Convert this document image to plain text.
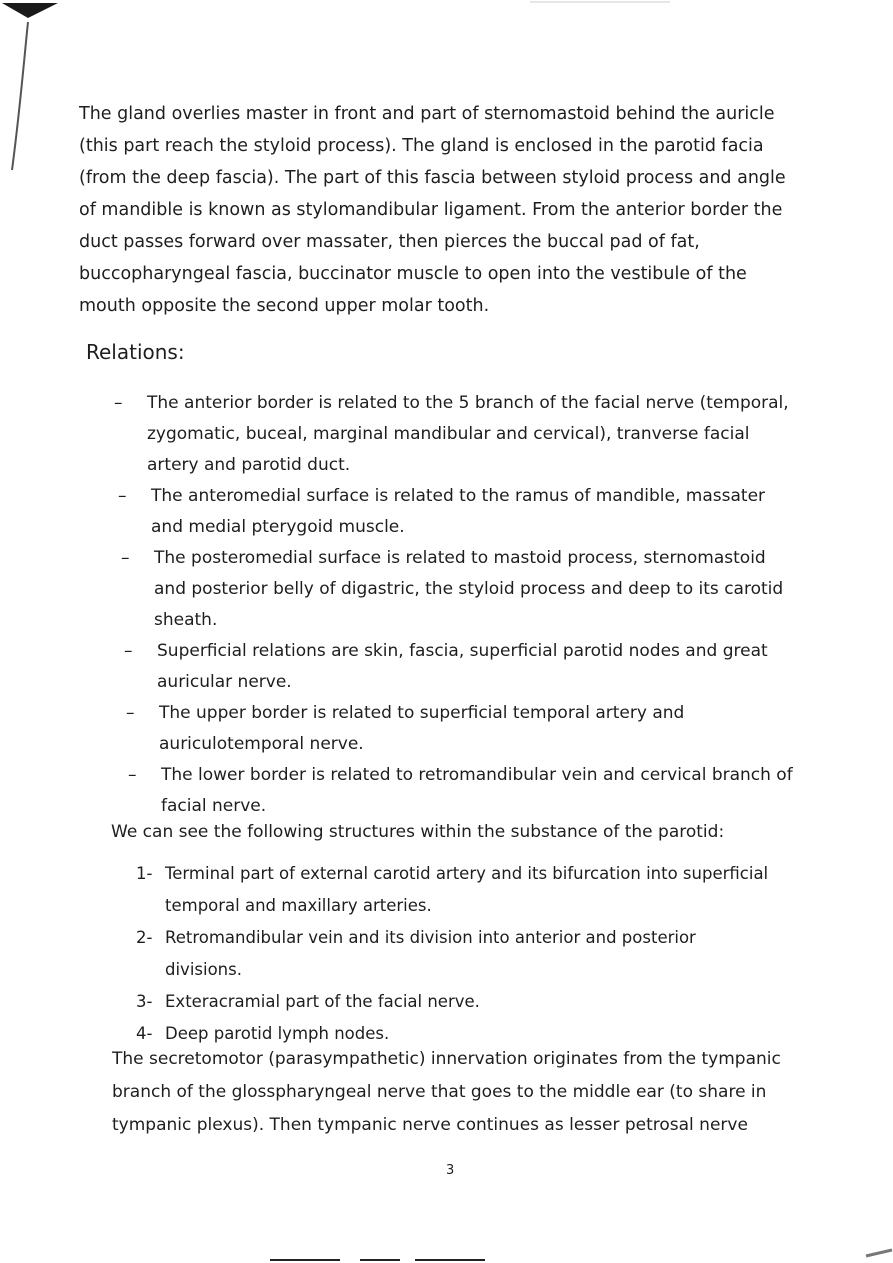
The gland overlies master in front and part of sternomastoid behind the auricle (this part reach the styloid process). The gland is enclosed in the parotid facia (from the deep fascia). The part of this fascia between styloid process and angle of mandible is known as stylomandibular ligament. From the anterior border the duct passes forward over massater, then pierces the buccal pad of fat, buccopharyngeal fascia, buccinator muscle to open into the vestibule of the mouth opposite the second upper molar tooth.

Relations:
– The anterior border is related to the 5 branch of the facial nerve (temporal, zygomatic, buceal, marginal mandibular and cervical), tranverse facial artery and parotid duct.
– The anteromedial surface is related to the ramus of mandible, massater and medial pterygoid muscle.
– The posteromedial surface is related to mastoid process, sternomastoid and posterior belly of digastric, the styloid process and deep to its carotid sheath.
– Superficial relations are skin, fascia, superficial parotid nodes and great auricular nerve.
– The upper border is related to superficial temporal artery and auriculotemporal nerve.
– The lower border is related to retromandibular vein and cervical branch of facial nerve.

We can see the following structures within the substance of the parotid:

1- Terminal part of external carotid artery and its bifurcation into superficial temporal and maxillary arteries.
2- Retromandibular vein and its division into anterior and posterior divisions.
3- Exteracramial part of the facial nerve.
4- Deep parotid lymph nodes.

The secretomotor (parasympathetic) innervation originates from the tympanic branch of the glosspharyngeal nerve that goes to the middle ear (to share in tympanic plexus). Then tympanic nerve continues as lesser petrosal nerve

3
